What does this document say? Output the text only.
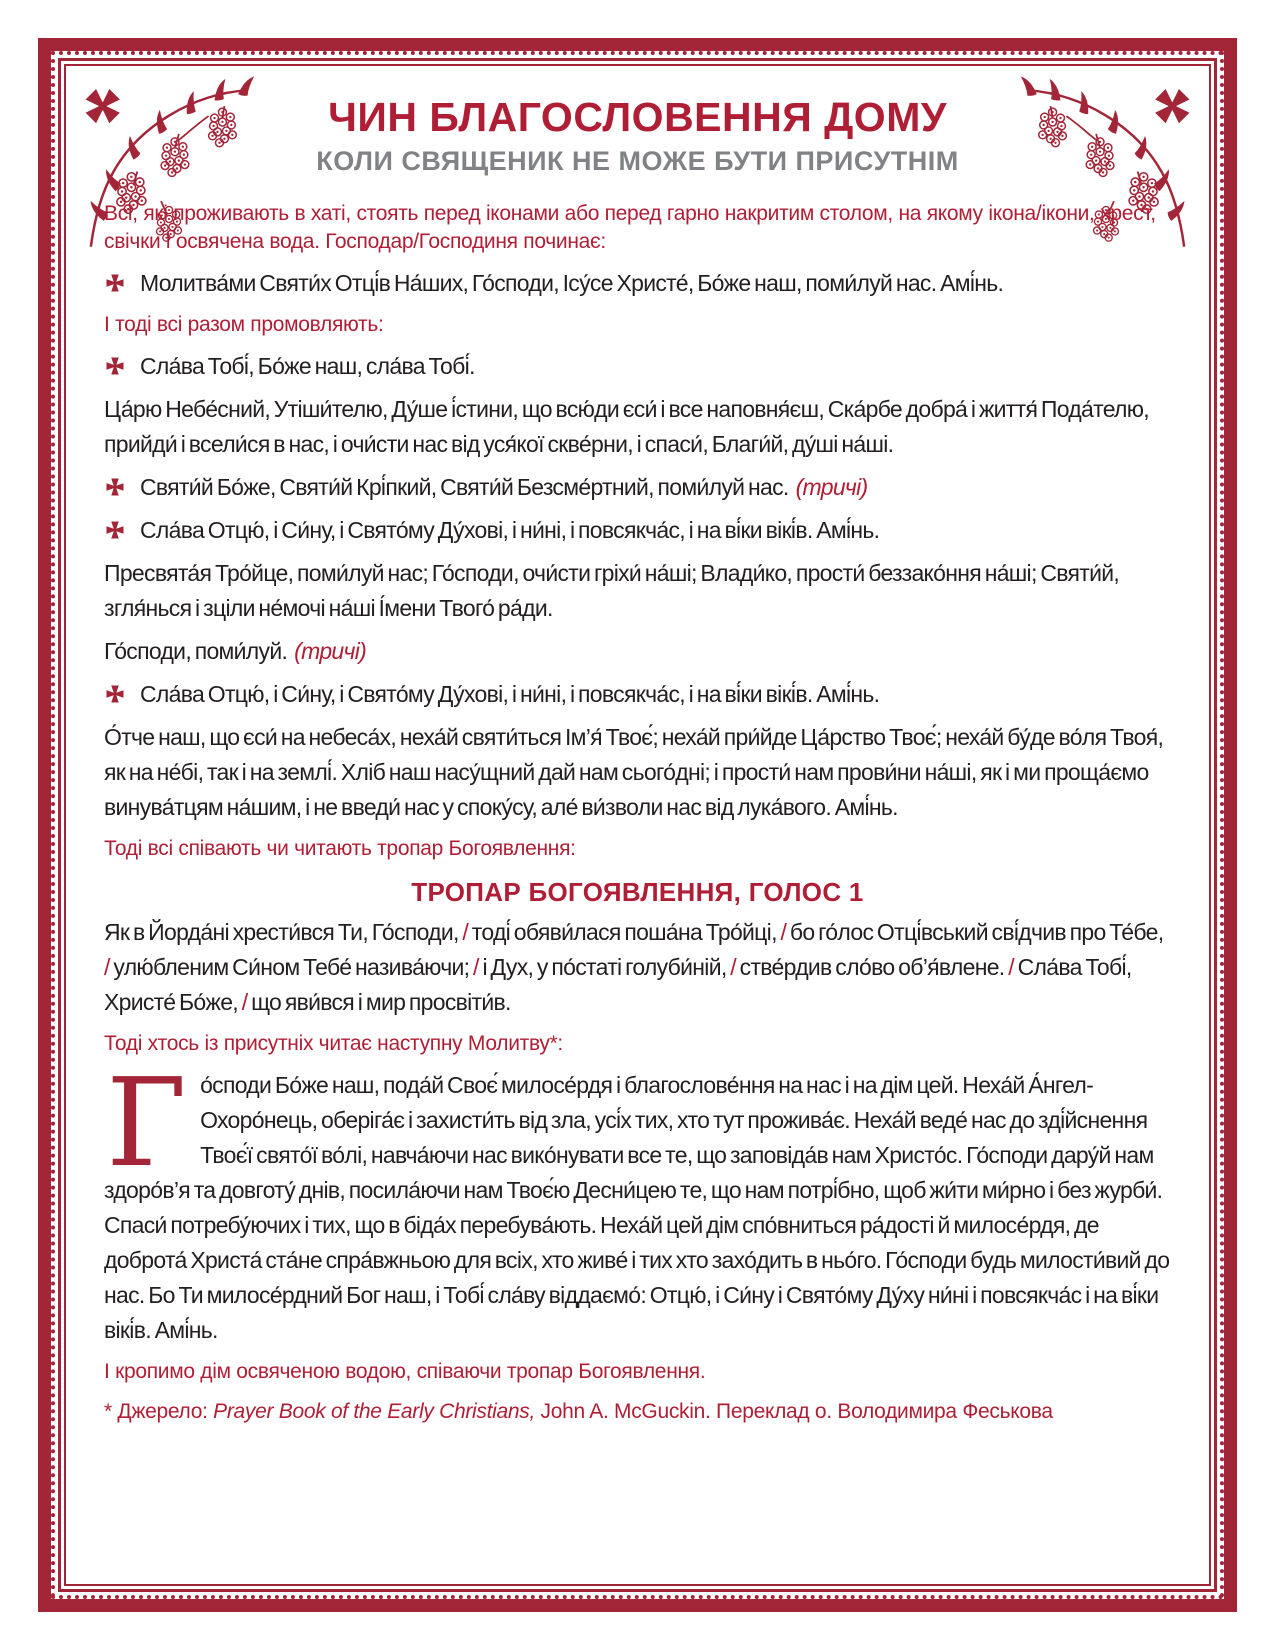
ЧИН БЛАГОСЛОВЕННЯ ДОМУ
КОЛИ СВЯЩЕНИК НЕ МОЖЕ БУТИ ПРИСУТНІМ

Всі, які проживають в хаті, стоять перед іконами або перед гарно накритим столом, на якому ікона/ікони, хрест, свічки і освячена вода. Господар/Господиня починає:

Молитва́ми Святи́х Отці́в На́ших, Го́споди, Ісу́се Христе́, Бо́же наш, поми́луй нас. Амі́нь.

І тоді всі разом промовляють:

Сла́ва Тобі́, Бо́же наш, сла́ва Тобі́.

Ца́рю Небе́сний, Утіши́телю, Ду́ше і́стини, що всю́ди єси́ і все наповня́єш, Ска́рбе добра́ і життя́ Пода́телю, прийди́ і всели́ся в нас, і очи́сти нас від уся́кої скве́рни, і спаси́, Благи́й, ду́ші на́ші.

Святи́й Бо́же, Святи́й Крі́пкий, Святи́й Безсме́ртний, поми́луй нас. (тричі)

Сла́ва Отцю́, і Си́ну, і Свято́му Ду́хові, і ни́ні, і повсякча́с, і на ві́ки вікі́в. Амі́нь.

Пресвята́я Тро́йце, поми́луй нас; Го́споди, очи́сти гріхи́ на́ші; Влади́ко, прости́ беззако́ння на́ші; Святи́й, згля́нься і зціли не́мочі на́ші І́мени Твого́ ра́ди.

Го́споди, поми́луй. (тричі)

Сла́ва Отцю́, і Си́ну, і Свято́му Ду́хові, і ни́ні, і повсякча́с, і на ві́ки вікі́в. Амі́нь.

О́тче наш, що єси́ на небеса́х, неха́й святи́ться Ім’я́ Твоє́; неха́й при́йде Ца́рство Твоє́; неха́й бу́де во́ля Твоя́, як на не́бі, так і на землі́. Хліб наш насу́щний дай нам сього́дні; і прости́ нам прови́ни на́ші, як і ми проща́ємо винува́тцям на́шим, і не введи́ нас у споку́су, але́ ви́зволи нас від лука́вого. Амі́нь.

Тоді всі співають чи читають тропар Богоявлення:

ТРОПАР БОГОЯВЛЕННЯ, ГОЛОС 1

Як в Йорда́ні хрести́вся Ти, Го́споди, / тоді́ обяви́лася поша́на Тро́йці, / бо го́лос Отці́вський сві́дчив про Те́бе, / улю́бленим Си́ном Тебе́ назива́ючи; / і Дух, у по́статі голуби́ній, / стве́рдив сло́во об’я́влене. / Сла́ва Тобі́, Христе́ Бо́же, / що яви́вся і мир просвіти́в.

Тоді хтось із присутніх читає наступну Молитву*:

Го́споди Бо́же наш, пода́й Своє́ милосе́рдя і благослове́ння на нас і на дім цей. Неха́й А́нгел-Охоро́нець, оберіга́є і захисти́ть від зла, усі́х тих, хто тут прожива́є. Неха́й веде́ нас до зді́йснення Твоє́ї свято́ї во́лі, навча́ючи нас вико́нувати все те, що заповіда́в нам Христо́с. Го́споди дару́й нам здоро́в’я та довготу́ днів, посила́ючи нам Твоє́ю Десни́цею те, що нам потрі́бно, щоб жи́ти ми́рно і без журби́. Спаси́ потребу́ючих і тих, що в біда́х перебува́ють. Неха́й цей дім спо́вниться ра́дості й милосе́рдя, де доброта́ Христа́ ста́не спра́вжньою для всіх, хто живе́ і тих хто захо́дить в ньо́го. Го́споди будь милости́вий до нас. Бо Ти милосе́рдний Бог наш, і Тобі́ сла́ву віддаємо́: Отцю́, і Си́ну і Свято́му Ду́ху ни́ні і повсякча́с і на ві́ки вікі́в. Амі́нь.

І кропимо дім освяченою водою, співаючи тропар Богоявлення.

* Джерело: Prayer Book of the Early Christians, John A. McGuckin. Переклад о. Володимира Феськова
